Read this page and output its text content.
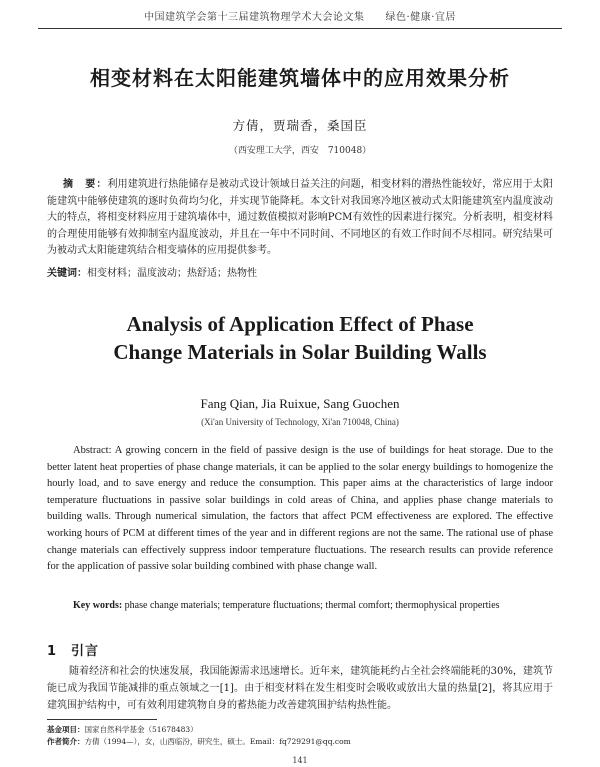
中国建筑学会第十三届建筑物理学术大会论文集　　绿色·健康·宜居
相变材料在太阳能建筑墙体中的应用效果分析
方倩，贾瑞香，桑国臣
（西安理工大学，西安　710048）
摘　要：利用建筑进行热能储存是被动式设计领域日益关注的问题，相变材料的潜热性能较好，常应用于太阳能建筑中能够使建筑的逐时负荷均匀化，并实现节能降耗。本文针对我国寒冷地区被动式太阳能建筑室内温度波动大的特点，将相变材料应用于建筑墙体中，通过数值模拟对影响PCM有效性的因素进行探究。分析表明，相变材料的合理使用能够有效抑制室内温度波动，并且在一年中不同时间、不同地区的有效工作时间不尽相同。研究结果可为被动式太阳能建筑结合相变墙体的应用提供参考。
关键词：相变材料；温度波动；热舒适；热物性
Analysis of Application Effect of Phase
Change Materials in Solar Building Walls
Fang Qian, Jia Ruixue, Sang Guochen
(Xi'an University of Technology, Xi'an 710048, China)
Abstract: A growing concern in the field of passive design is the use of buildings for heat storage. Due to the better latent heat properties of phase change materials, it can be applied to the solar energy buildings to homogenize the hourly load, and to save energy and reduce the consumption. This paper aims at the characteristics of large indoor temperature fluctuations in passive solar buildings in cold areas of China, and applies phase change materials to building walls. Through numerical simulation, the factors that affect PCM effectiveness are explored. The effective working hours of PCM at different times of the year and in different regions are not the same. The rational use of phase change materials can effectively suppress indoor temperature fluctuations. The research results can provide reference for the application of passive solar building combined with phase change wall.
Key words: phase change materials; temperature fluctuations; thermal comfort; thermophysical properties
1　引言
随着经济和社会的快速发展，我国能源需求迅速增长。近年来，建筑能耗约占全社会终端能耗的30%，建筑节能已成为我国节能减排的重点领域之一[1]。由于相变材料在发生相变时会吸收或放出大量的热量[2]，将其应用于建筑围护结构中，可有效利用建筑物自身的蓄热能力改善建筑围护结构热性能。
基金项目：国家自然科学基金（51678483）
作者简介：方倩（1994—），女，山西临汾，研究生，硕士。Email：fq729291@qq.com
141
